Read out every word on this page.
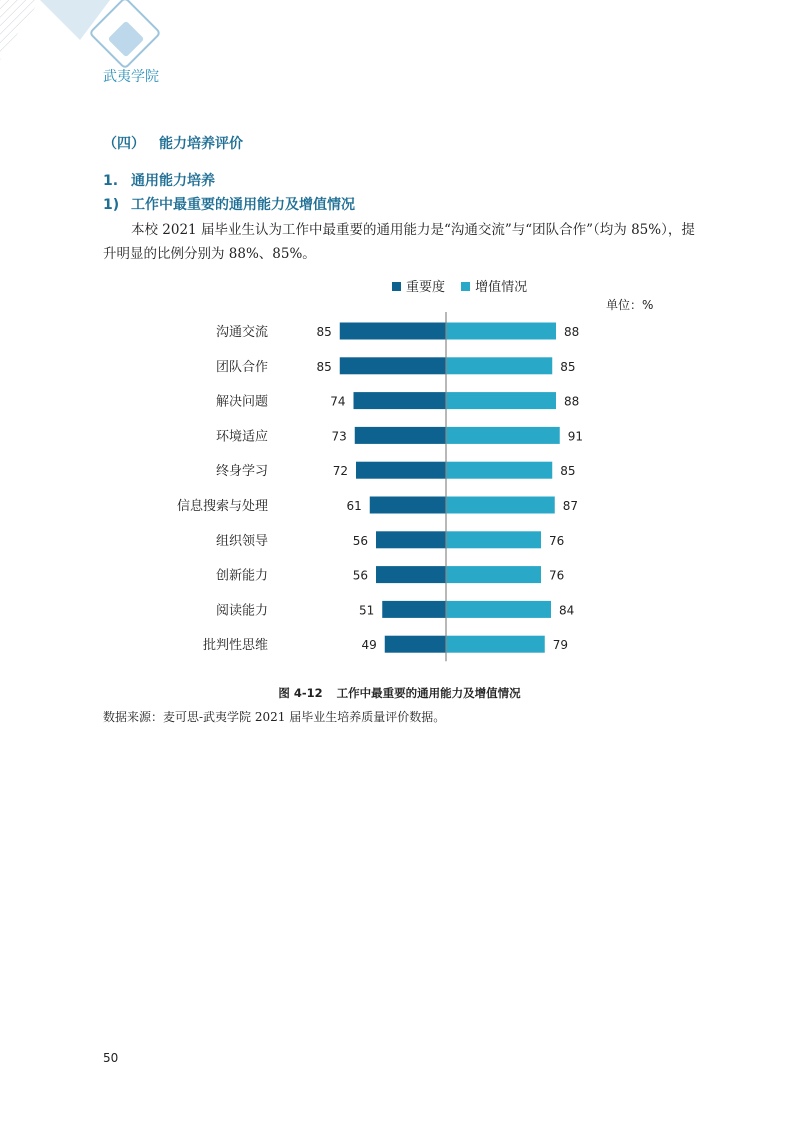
武夷学院
（四） 能力培养评价
1. 通用能力培养
1) 工作中最重要的通用能力及增值情况
本校 2021 届毕业生认为工作中最重要的通用能力是“沟通交流”与“团队合作”（均为 85%），提升明显的比例分别为 88%、85%。
重要度 增值情况
单位：%
沟通交流	85	88
团队合作	85	85
解决问题	74	88
环境适应	73	91
终身学习	72	85
信息搜索与处理	61	87
组织领导	56	76
创新能力	56	76
阅读能力	51	84
批判性思维	49	79
图 4-12 工作中最重要的通用能力及增值情况
数据来源：麦可思-武夷学院 2021 届毕业生培养质量评价数据。
50
